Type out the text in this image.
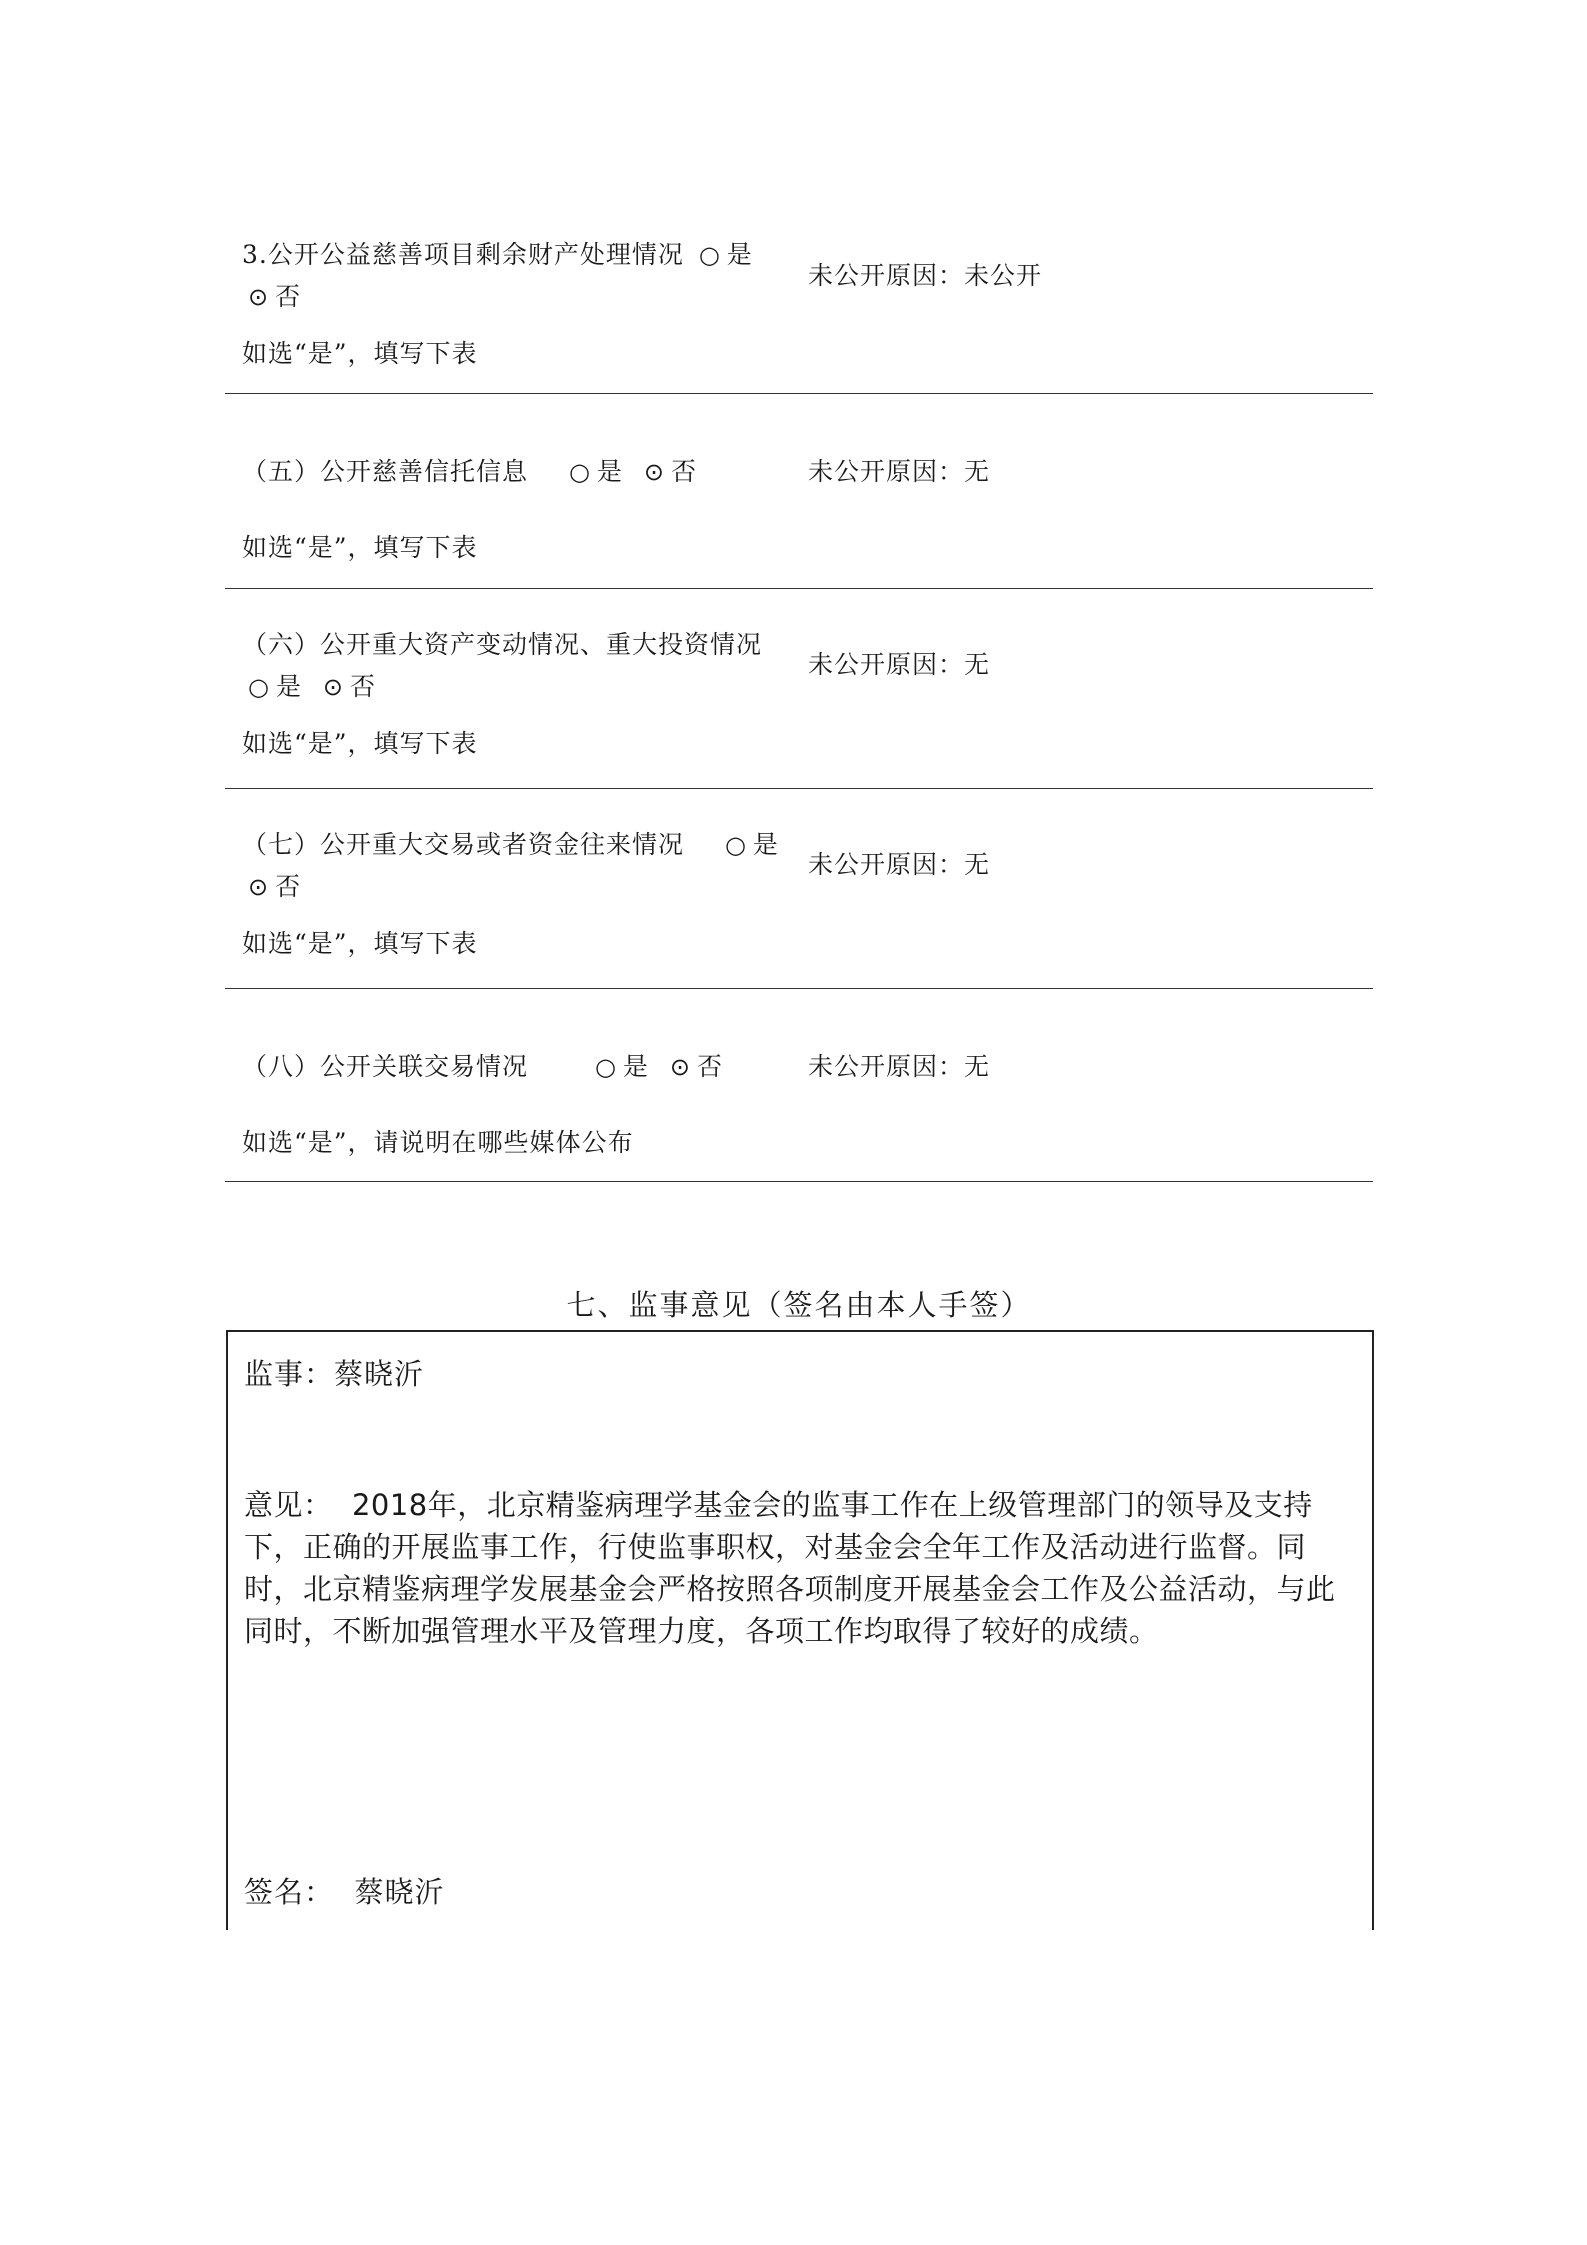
3.公开公益慈善项目剩余财产处理情况 ○ 是 ⊙ 否
未公开原因：未公开
如选“是”，填写下表
（五）公开慈善信托信息 ○ 是 ⊙ 否	未公开原因：无
如选“是”，填写下表
（六）公开重大资产变动情况、重大投资情况 ○ 是 ⊙ 否
未公开原因：无
如选“是”，填写下表
（七）公开重大交易或者资金往来情况 ○ 是 ⊙ 否
未公开原因：无
如选“是”，填写下表
（八）公开关联交易情况	○ 是 ⊙ 否	未公开原因：无
如选“是”，请说明在哪些媒体公布
七、监事意见（签名由本人手签）
监事：蔡晓沂
意见： 2018年，北京精鉴病理学基金会的监事工作在上级管理部门的领导及支持下，正确的开展监事工作，行使监事职权，对基金会全年工作及活动进行监督。同时，北京精鉴病理学发展基金会严格按照各项制度开展基金会工作及公益活动，与此同时，不断加强管理水平及管理力度，各项工作均取得了较好的成绩。
签名： 蔡晓沂
